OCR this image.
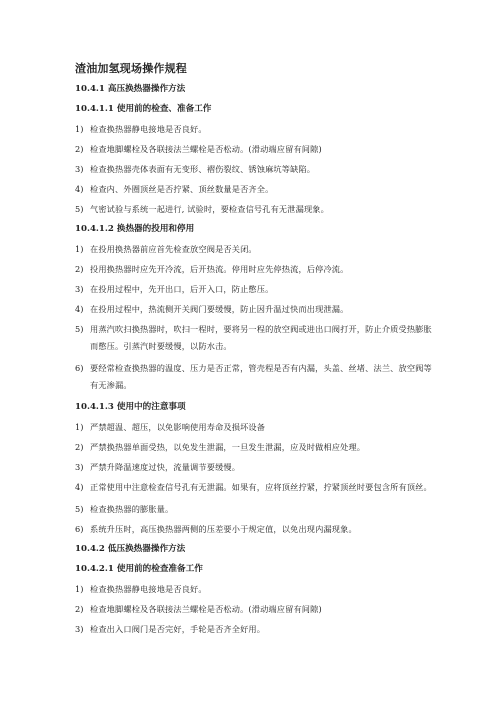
渣油加氢现场操作规程
10.4.1 高压换热器操作方法
10.4.1.1 使用前的检查、准备工作
1) 检查换热器静电接地是否良好。
2) 检查地脚螺栓及各联接法兰螺栓是否松动。(滑动端应留有间隙)
3) 检查换热器壳体表面有无变形、褶伤裂纹、锈蚀麻坑等缺陷。
4) 检查内、外圈顶丝是否拧紧、顶丝数量是否齐全。
5) 气密试验与系统一起进行, 试验时，要检查信号孔有无泄漏现象。
10.4.1.2 换热器的投用和停用
1) 在投用换热器前应首先检查放空阀是否关闭。
2) 投用换热器时应先开冷流，后开热流。停用时应先停热流，后停冷流。
3) 在投用过程中，先开出口，后开入口，防止憋压。
4) 在投用过程中，热流侧开关阀门要缓慢，防止因升温过快而出现泄漏。
5) 用蒸汽吹扫换热器时，吹扫一程时，要将另一程的放空阀或进出口阀打开，防止介质受热膨胀而憋压。引蒸汽时要缓慢，以防水击。
6) 要经常检查换热器的温度、压力是否正常，管壳程是否有内漏，头盖、丝堵、法兰、放空阀等有无渗漏。
10.4.1.3 使用中的注意事项
1) 严禁超温、超压，以免影响使用寿命及损坏设备
2) 严禁换热器单面受热，以免发生泄漏，一旦发生泄漏，应及时做相应处理。
3) 严禁升降温速度过快，流量调节要缓慢。
4) 正常使用中注意检查信号孔有无泄漏。如果有，应将顶丝拧紧，拧紧顶丝时要包含所有顶丝。
5) 检查换热器的膨胀量。
6) 系统升压时，高压换热器两侧的压差要小于规定值，以免出现内漏现象。
10.4.2 低压换热器操作方法
10.4.2.1 使用前的检查准备工作
1) 检查换热器静电接地是否良好。
2) 检查地脚螺栓及各联接法兰螺栓是否松动。(滑动端应留有间隙)
3) 检查出入口阀门是否完好，手轮是否齐全好用。
